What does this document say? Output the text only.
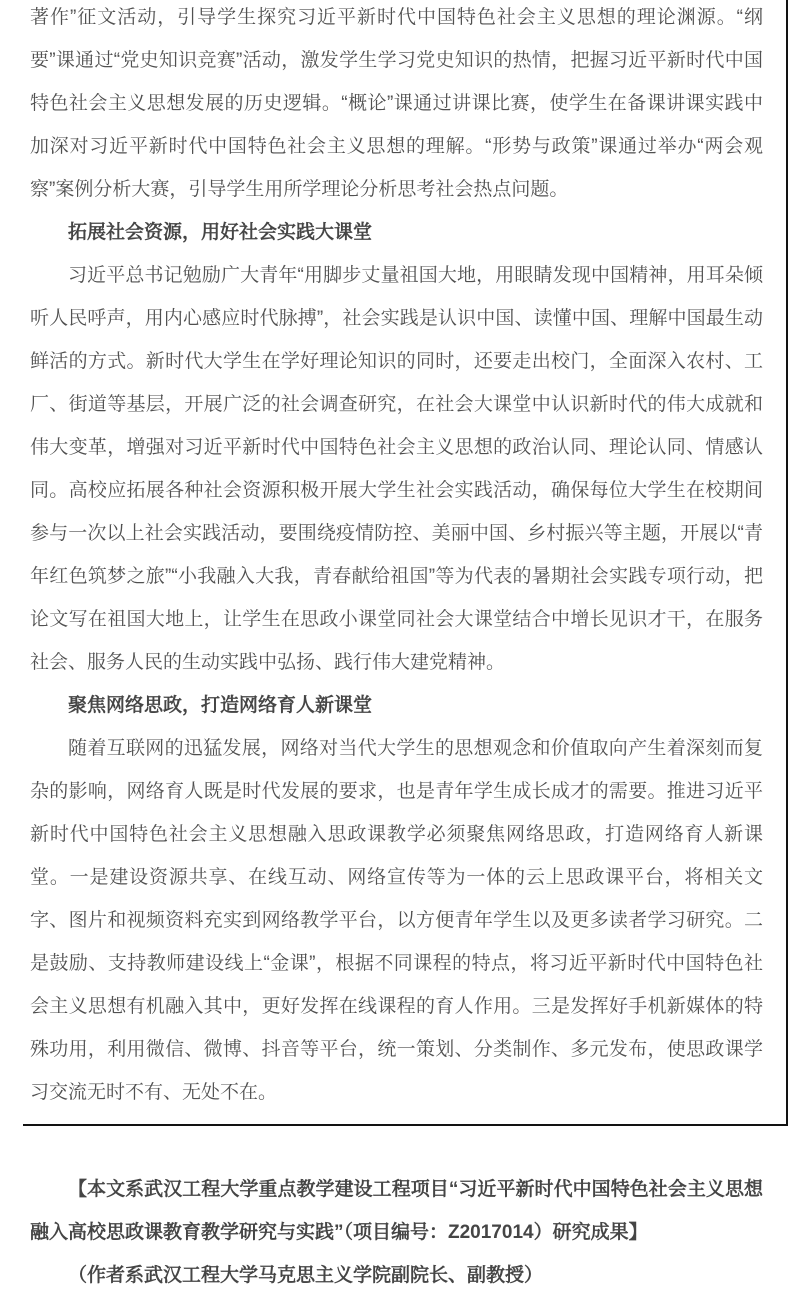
著作”征文活动，引导学生探究习近平新时代中国特色社会主义思想的理论渊源。“纲要”课通过“党史知识竞赛”活动，激发学生学习党史知识的热情，把握习近平新时代中国特色社会主义思想发展的历史逻辑。“概论”课通过讲课比赛，使学生在备课讲课实践中加深对习近平新时代中国特色社会主义思想的理解。“形势与政策”课通过举办“两会观察”案例分析大赛，引导学生用所学理论分析思考社会热点问题。

拓展社会资源，用好社会实践大课堂

习近平总书记勉励广大青年“用脚步丈量祖国大地，用眼睛发现中国精神，用耳朵倾听人民呼声，用内心感应时代脉搏”，社会实践是认识中国、读懂中国、理解中国最生动鲜活的方式。新时代大学生在学好理论知识的同时，还要走出校门，全面深入农村、工厂、街道等基层，开展广泛的社会调查研究，在社会大课堂中认识新时代的伟大成就和伟大变革，增强对习近平新时代中国特色社会主义思想的政治认同、理论认同、情感认同。高校应拓展各种社会资源积极开展大学生社会实践活动，确保每位大学生在校期间参与一次以上社会实践活动，要围绕疫情防控、美丽中国、乡村振兴等主题，开展以“青年红色筑梦之旅”“小我融入大我，青春献给祖国”等为代表的暑期社会实践专项行动，把论文写在祖国大地上，让学生在思政小课堂同社会大课堂结合中增长见识才干，在服务社会、服务人民的生动实践中弘扬、践行伟大建党精神。

聚焦网络思政，打造网络育人新课堂

随着互联网的迅猛发展，网络对当代大学生的思想观念和价值取向产生着深刻而复杂的影响，网络育人既是时代发展的要求，也是青年学生成长成才的需要。推进习近平新时代中国特色社会主义思想融入思政课教学必须聚焦网络思政，打造网络育人新课堂。一是建设资源共享、在线互动、网络宣传等为一体的云上思政课平台，将相关文字、图片和视频资料充实到网络教学平台，以方便青年学生以及更多读者学习研究。二是鼓励、支持教师建设线上“金课”，根据不同课程的特点，将习近平新时代中国特色社会主义思想有机融入其中，更好发挥在线课程的育人作用。三是发挥好手机新媒体的特殊功用，利用微信、微博、抖音等平台，统一策划、分类制作、多元发布，使思政课学习交流无时不有、无处不在。

【本文系武汉工程大学重点教学建设工程项目“习近平新时代中国特色社会主义思想融入高校思政课教育教学研究与实践”（项目编号：Z2017014）研究成果】

（作者系武汉工程大学马克思主义学院副院长、副教授）
